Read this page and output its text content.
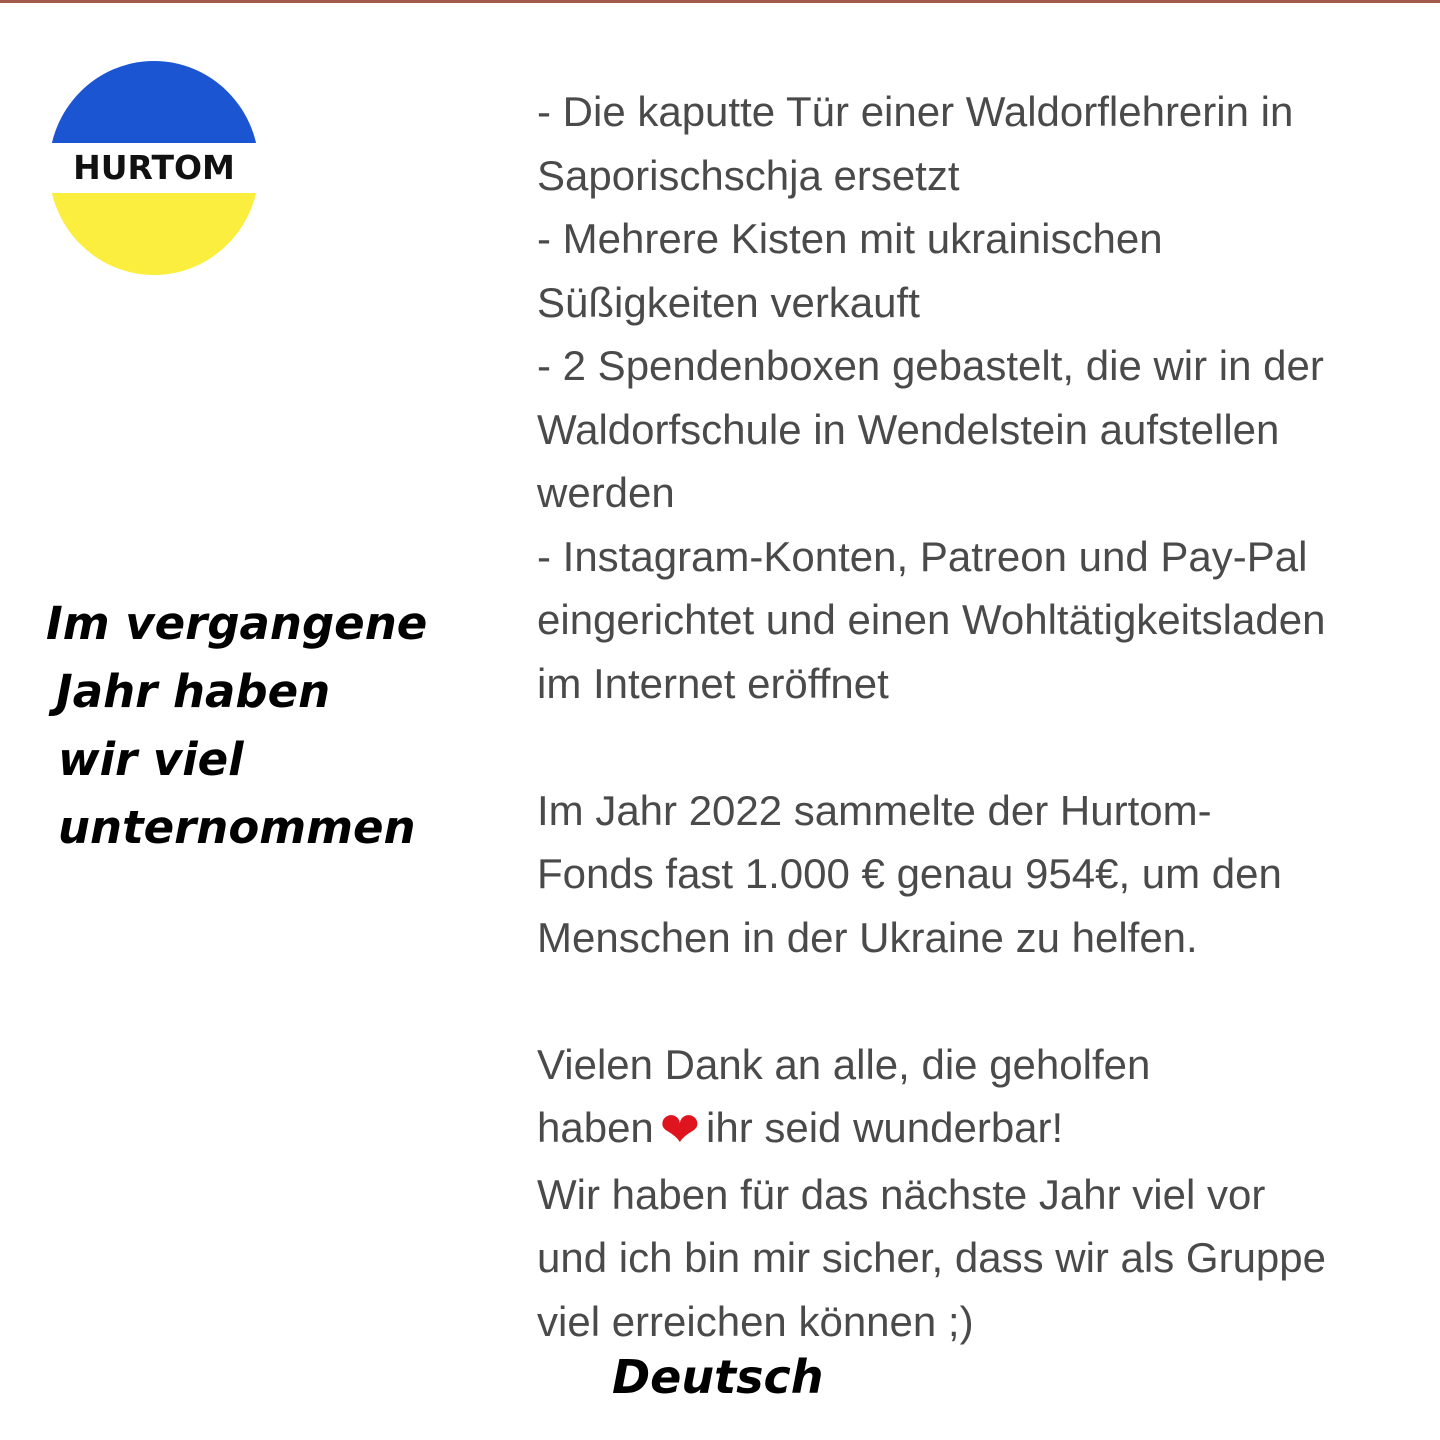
HURTOM
Im vergangene
Jahr haben
wir viel
unternommen
- Die kaputte Tür einer Waldorflehrerin in
Saporischschja ersetzt
- Mehrere Kisten mit ukrainischen
Süßigkeiten verkauft
- 2 Spendenboxen gebastelt, die wir in der
Waldorfschule in Wendelstein aufstellen
werden
- Instagram-Konten, Patreon und Pay-Pal
eingerichtet und einen Wohltätigkeitsladen
im Internet eröffnet
Im Jahr 2022 sammelte der Hurtom-
Fonds fast 1.000 € genau 954€, um den
Menschen in der Ukraine zu helfen.
Vielen Dank an alle, die geholfen
haben ❤ ihr seid wunderbar!
Wir haben für das nächste Jahr viel vor
und ich bin mir sicher, dass wir als Gruppe
viel erreichen können ;)
Deutsch
